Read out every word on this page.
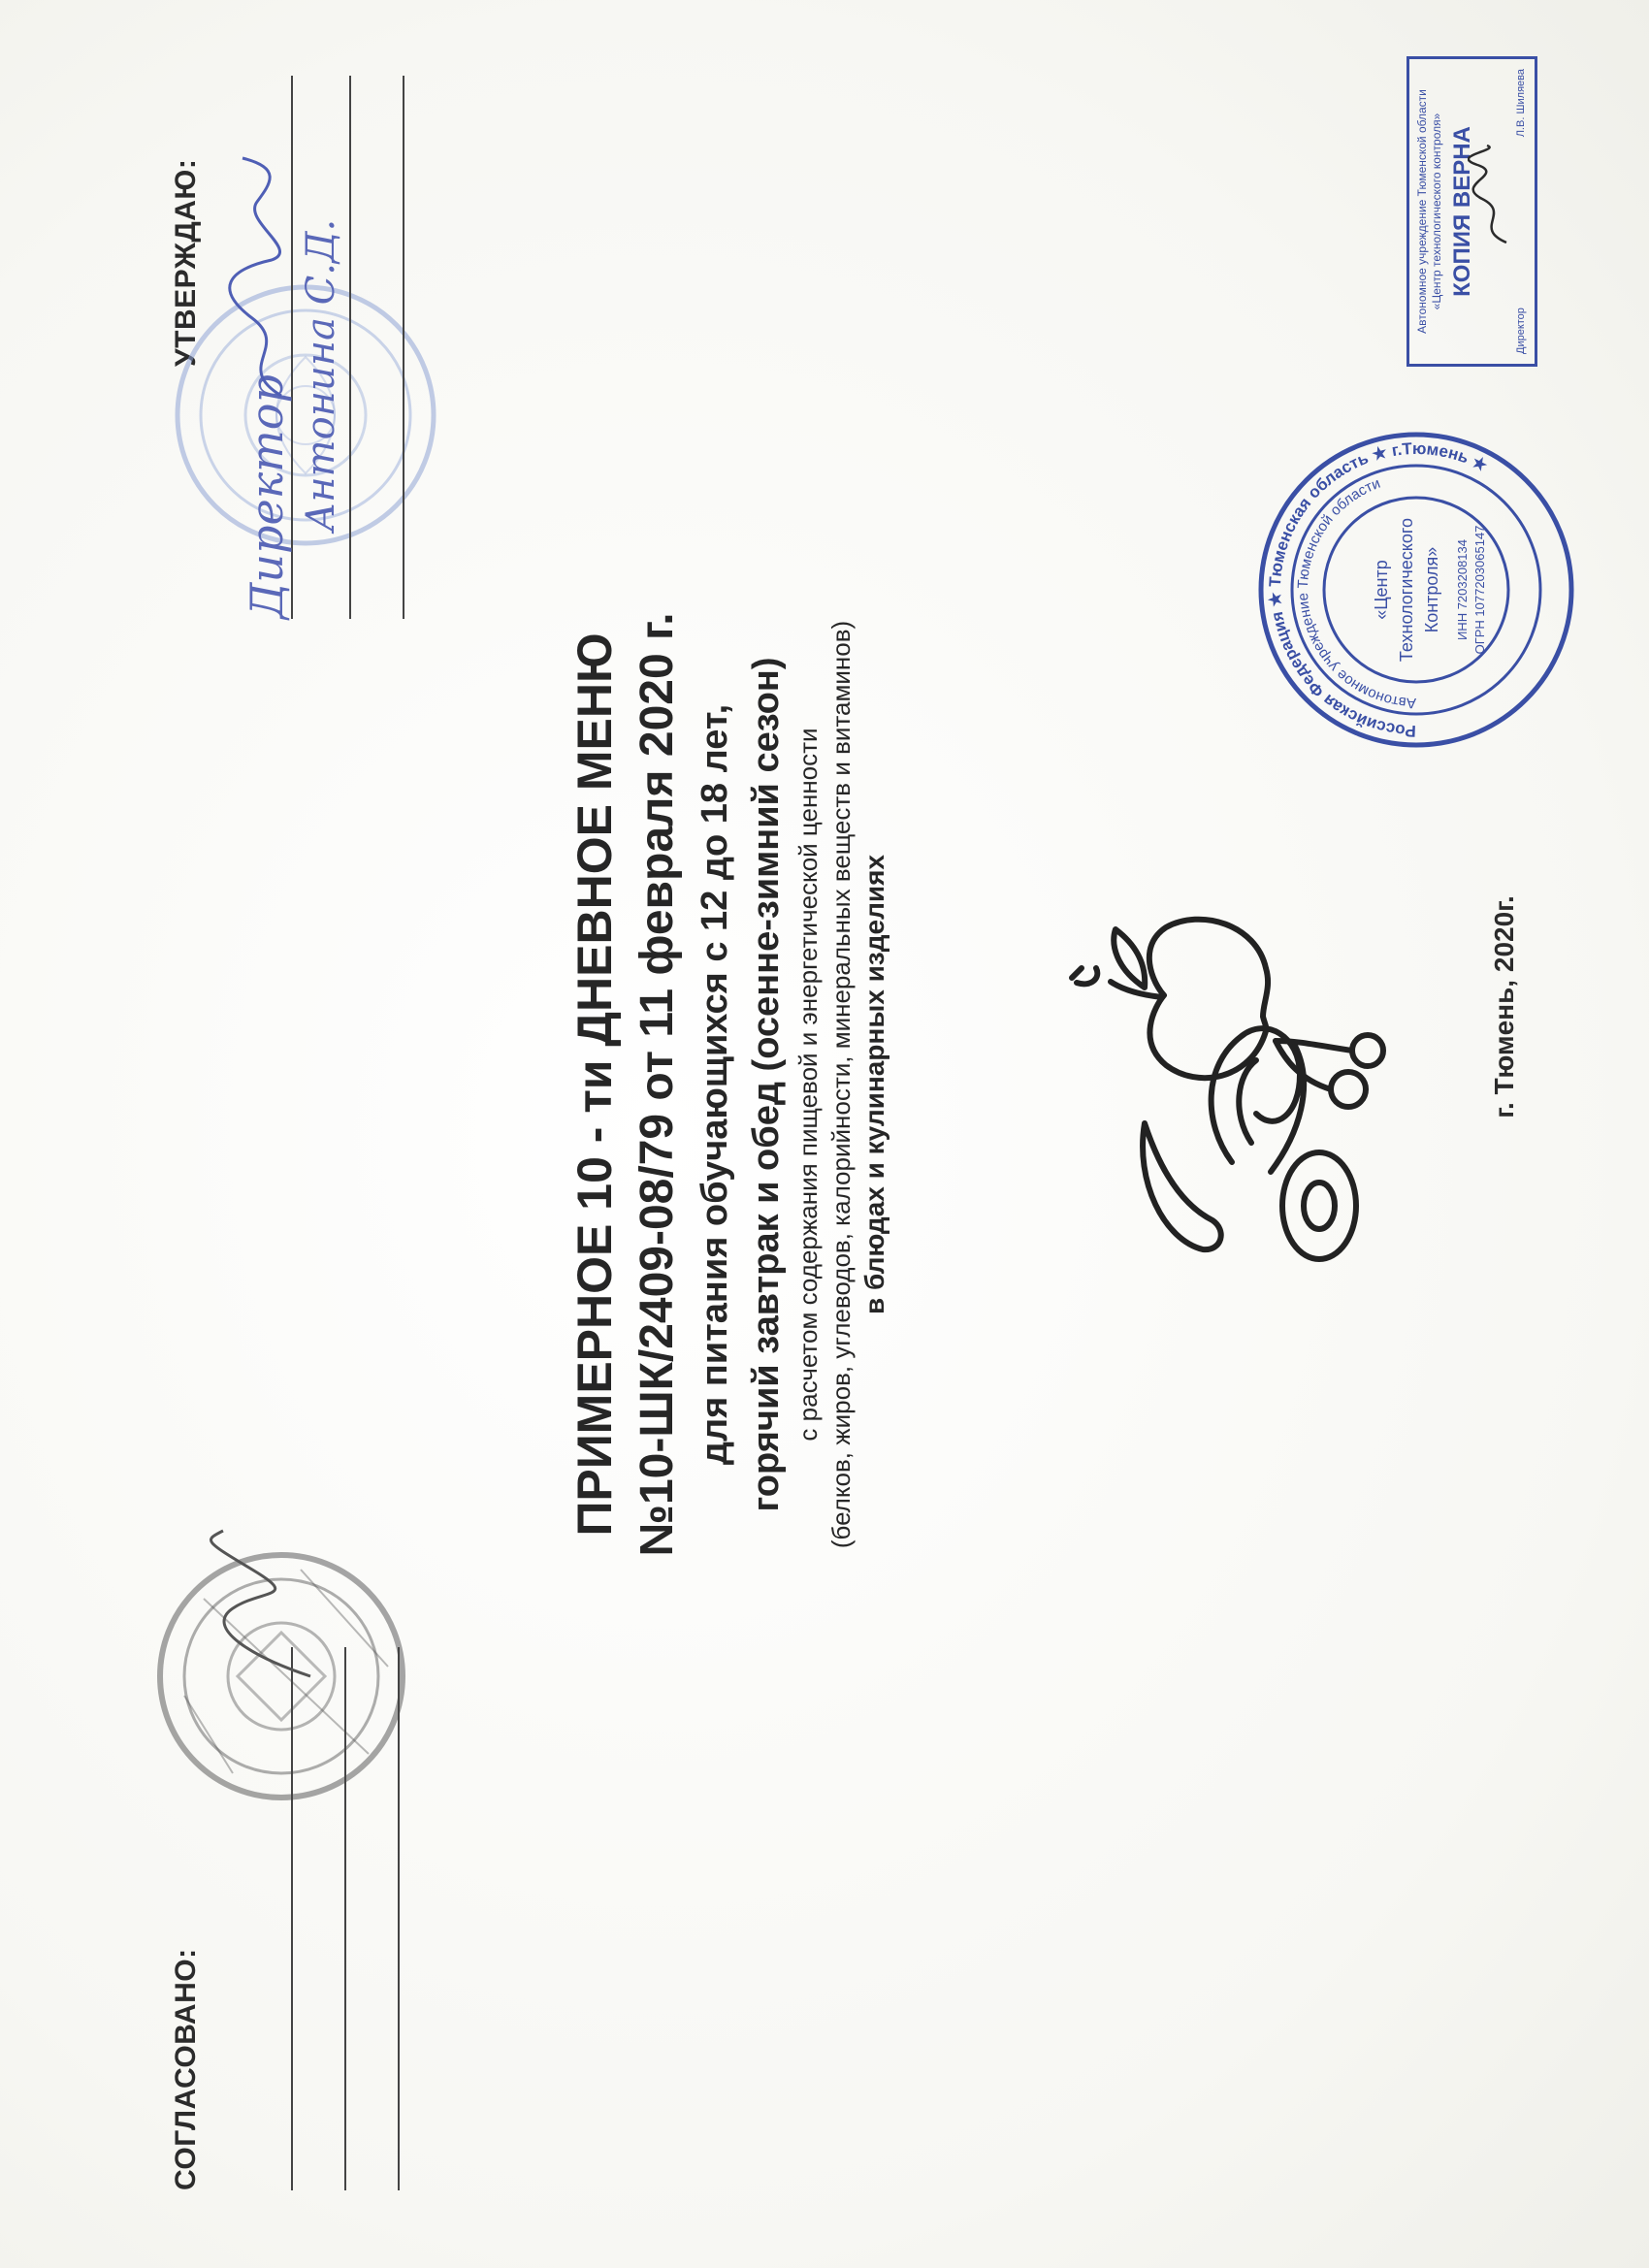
УТВЕРЖДАЮ:
Директор Антонина С.Д.
СОГЛАСОВАНО:

ПРИМЕРНОЕ 10 - ти ДНЕВНОЕ МЕНЮ №10-ШК/2409-08/79 от 11 февраля 2020 г. для питания обучающихся с 12 до 18 лет, горячий завтрак и обед (осенне-зимний сезон) с расчетом содержания пищевой и энергетической ценности (белков, жиров, углеводов, калорийности, минеральных веществ и витаминов) в блюдах и кулинарных изделиях	г. Тюмень, 2020г.
Российская Федерация ★ Тюменская область ★ г.Тюмень ★
Автономное учреждение Тюменской области
«Центр Технологического Контроля» ИНН 7203208134 ОГРН 1077203065147
Автономное учреждение Тюменской области «Центр технологического контроля» КОПИЯ ВЕРНА
Директор
Л.В. Шиляева
